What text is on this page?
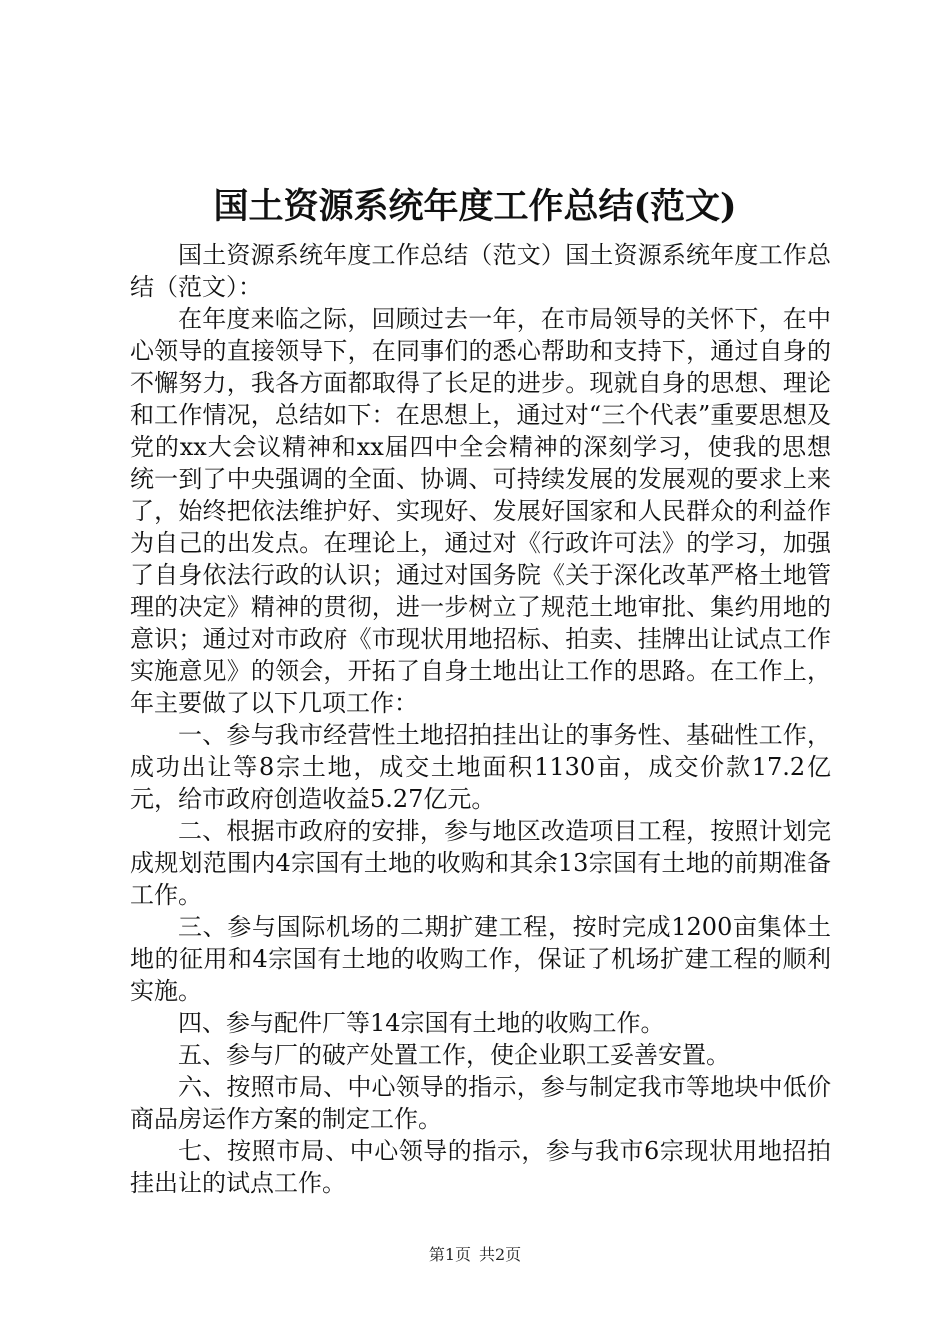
国土资源系统年度工作总结(范文)

国土资源系统年度工作总结（范文）国土资源系统年度工作总结（范文）：

在年度来临之际，回顾过去一年，在市局领导的关怀下，在中心领导的直接领导下，在同事们的悉心帮助和支持下，通过自身的不懈努力，我各方面都取得了长足的进步。现就自身的思想、理论和工作情况，总结如下：在思想上，通过对“三个代表”重要思想及党的xx大会议精神和xx届四中全会精神的深刻学习，使我的思想统一到了中央强调的全面、协调、可持续发展的发展观的要求上来了，始终把依法维护好、实现好、发展好国家和人民群众的利益作为自己的出发点。在理论上，通过对《行政许可法》的学习，加强了自身依法行政的认识；通过对国务院《关于深化改革严格土地管理的决定》精神的贯彻，进一步树立了规范土地审批、集约用地的意识；通过对市政府《市现状用地招标、拍卖、挂牌出让试点工作实施意见》的领会，开拓了自身土地出让工作的思路。在工作上，年主要做了以下几项工作：

一、参与我市经营性土地招拍挂出让的事务性、基础性工作，成功出让等8宗土地，成交土地面积1130亩，成交价款17.2亿元，给市政府创造收益5.27亿元。

二、根据市政府的安排，参与地区改造项目工程，按照计划完成规划范围内4宗国有土地的收购和其余13宗国有土地的前期准备工作。

三、参与国际机场的二期扩建工程，按时完成1200亩集体土地的征用和4宗国有土地的收购工作，保证了机场扩建工程的顺利实施。

四、参与配件厂等14宗国有土地的收购工作。

五、参与厂的破产处置工作，使企业职工妥善安置。

六、按照市局、中心领导的指示，参与制定我市等地块中低价商品房运作方案的制定工作。

七、按照市局、中心领导的指示，参与我市6宗现状用地招拍挂出让的试点工作。

第1页 共2页
